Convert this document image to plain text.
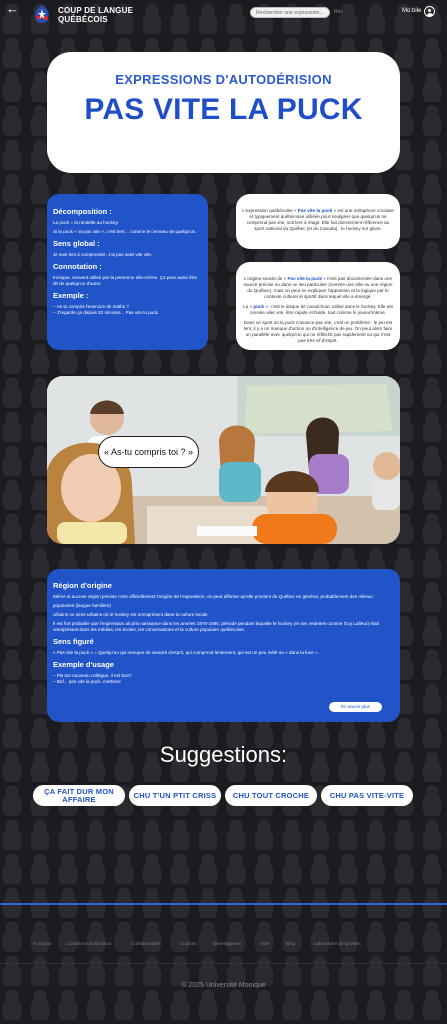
←	COUP DE LANGUE
QUÉBÉCOIS
Rechercher une expression...	Rec	Mo:bile
EXPRESSIONS D'AUTODÉRISION
PAS VITE LA PUCK
Décomposition :
La puck = la rondelle au hockey.
Si la puck « va pas vite », c'est lent… comme le cerveau de quelqu'un.
Sens global :
Je suis lent à comprendre. J'ai pas saisi vite vite.
Connotation :
Ironique, souvent utilisé par la personne elle-même. Ça peut aussi être dit de quelqu'un d'autre.
Exemple :
– As-tu compris l'exercice de maths ?
– J'regarde ça depuis 20 minutes... Pas vite la puck.
L'expression québécoise « Pas vite la puck » est une métaphore cocasse et typiquement québécoise utilisée pour souligner que quelqu'un ne comprend pas vite, soit lent à réagir. Elle fait directement référence au sport national du Québec (et du Canada) : le hockey sur glace.

L'origine exacte de « Pas vite la puck » n'est pas documentée dans une source précise ou dans un lieu particulier (comme une ville ou une région du Québec), mais on peut en expliquer l'apparition et la logique par le contexte culturel et sportif dans lequel elle a émergé.

La « puck », c'est le disque de caoutchouc utilisé dans le hockey. Elle est censée aller vite, être rapide et fluide, tout comme le joueur/même.

Dans un sport où la puck n'avance pas vite, c'est un problème : le jeu est lent, il y a un manque d'action ou d'intelligence de jeu. On peut alors faire un parallèle avec quelqu'un qui ne réfléchit pas rapidement ou qui n'est pas très vif d'esprit.

« As-tu compris toi ? »
Région d'origine
Même si aucune région précise n'est officiellement l'origine de l'expression, on peut affirmer qu'elle provient du Québec en général, probablement des milieux :
populaires (langue familière)
urbains ou semi-urbains où le hockey est omniprésent dans la culture locale
Il est fort probable que l'expression ait pris naissance dans les années 1970-1980, période pendant laquelle le hockey (et ses vedettes comme Guy Lafleur) était omniprésent dans les médias, les écoles, les conversations et la culture populaire québécoise.
Sens figuré
« Pas vite la puck » = Quelqu'un qui manque de vivacité d'esprit, qui comprend lentement, qui est un peu mêlé ou « dans la lune ».
Exemple d'usage
– Pis ton nouveau collègue, il est bon?
– Bof... pas vite la puck, mettons!
En savoir plus
Suggestions:
ÇA FAIT DUR MON AFFAIRE	CHU T'UN PTIT CRISS	CHU TOUT CROCHE	CHU PAS VITE-VITE
À propos	Conditions d'utilisation	Confidentialité	Cookies	Développeurs	Aide	Blog	Laboratoire de Québec
© 2025 Université Monique
